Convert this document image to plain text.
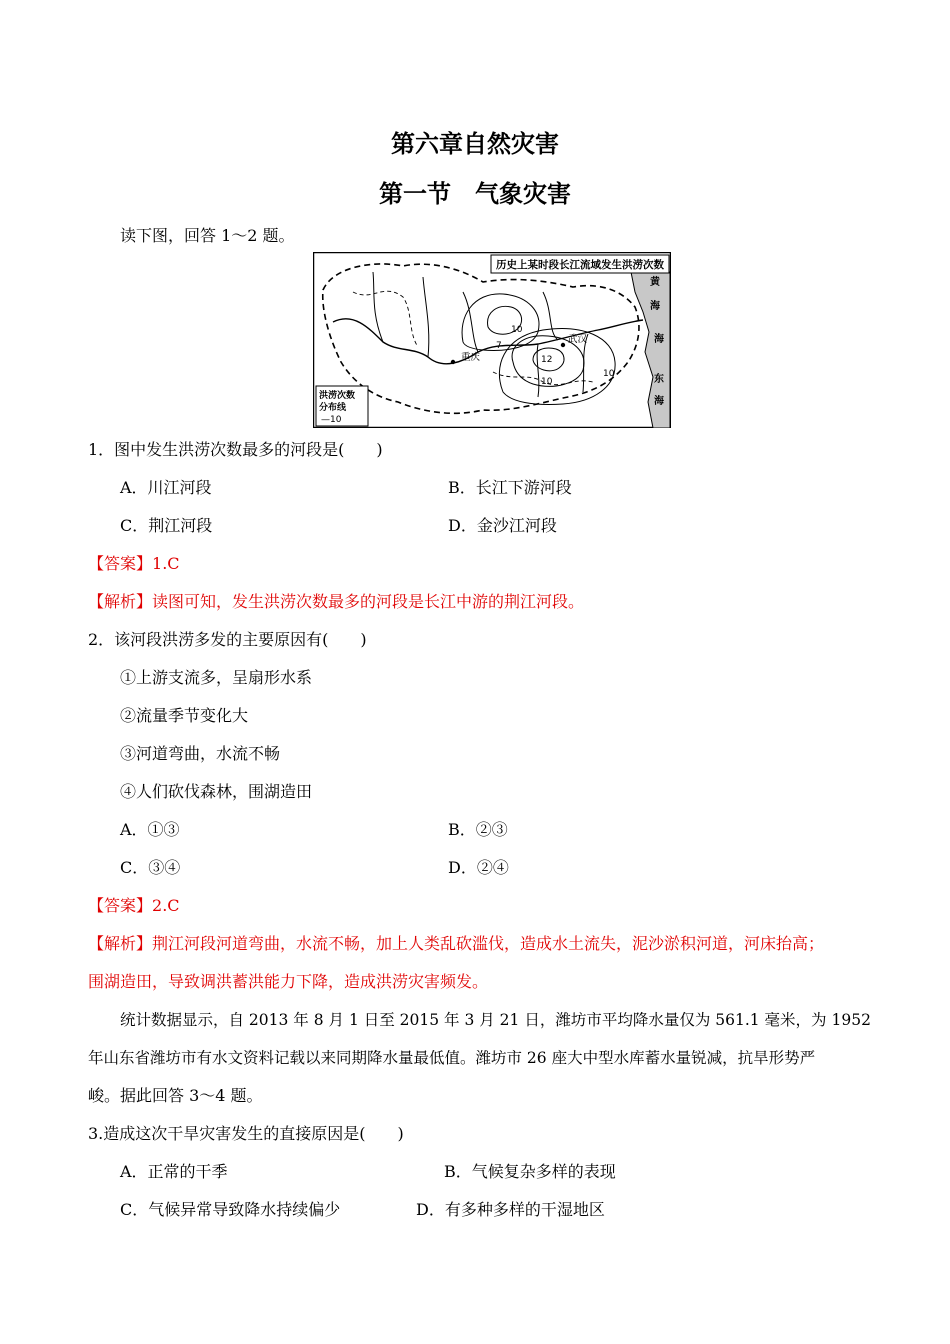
第六章自然灾害
第一节　气象灾害
读下图，回答 1～2 题。
历史上某时段长江流域发生洪涝次数
10
7
12
10
10
武汉
重庆
黄
海
海
东
海
洪涝次数
分布线
—10
1．图中发生洪涝次数最多的河段是(　　)
A．川江河段	B．长江下游河段
C．荆江河段	D．金沙江河段
【答案】1.C
【解析】读图可知，发生洪涝次数最多的河段是长江中游的荆江河段。
2．该河段洪涝多发的主要原因有(　　)
①上游支流多，呈扇形水系
②流量季节变化大
③河道弯曲，水流不畅
④人们砍伐森林，围湖造田
A．①③	B．②③
C．③④	D．②④
【答案】2.C
【解析】荆江河段河道弯曲，水流不畅，加上人类乱砍滥伐，造成水土流失，泥沙淤积河道，河床抬高；
围湖造田，导致调洪蓄洪能力下降，造成洪涝灾害频发。
统计数据显示，自 2013 年 8 月 1 日至 2015 年 3 月 21 日，潍坊市平均降水量仅为 561.1 毫米，为 1952
年山东省潍坊市有水文资料记载以来同期降水量最低值。潍坊市 26 座大中型水库蓄水量锐减，抗旱形势严
峻。据此回答 3～4 题。
3.造成这次干旱灾害发生的直接原因是(　　)
A．正常的干季	B．气候复杂多样的表现
C．气候异常导致降水持续偏少	D．有多种多样的干湿地区
